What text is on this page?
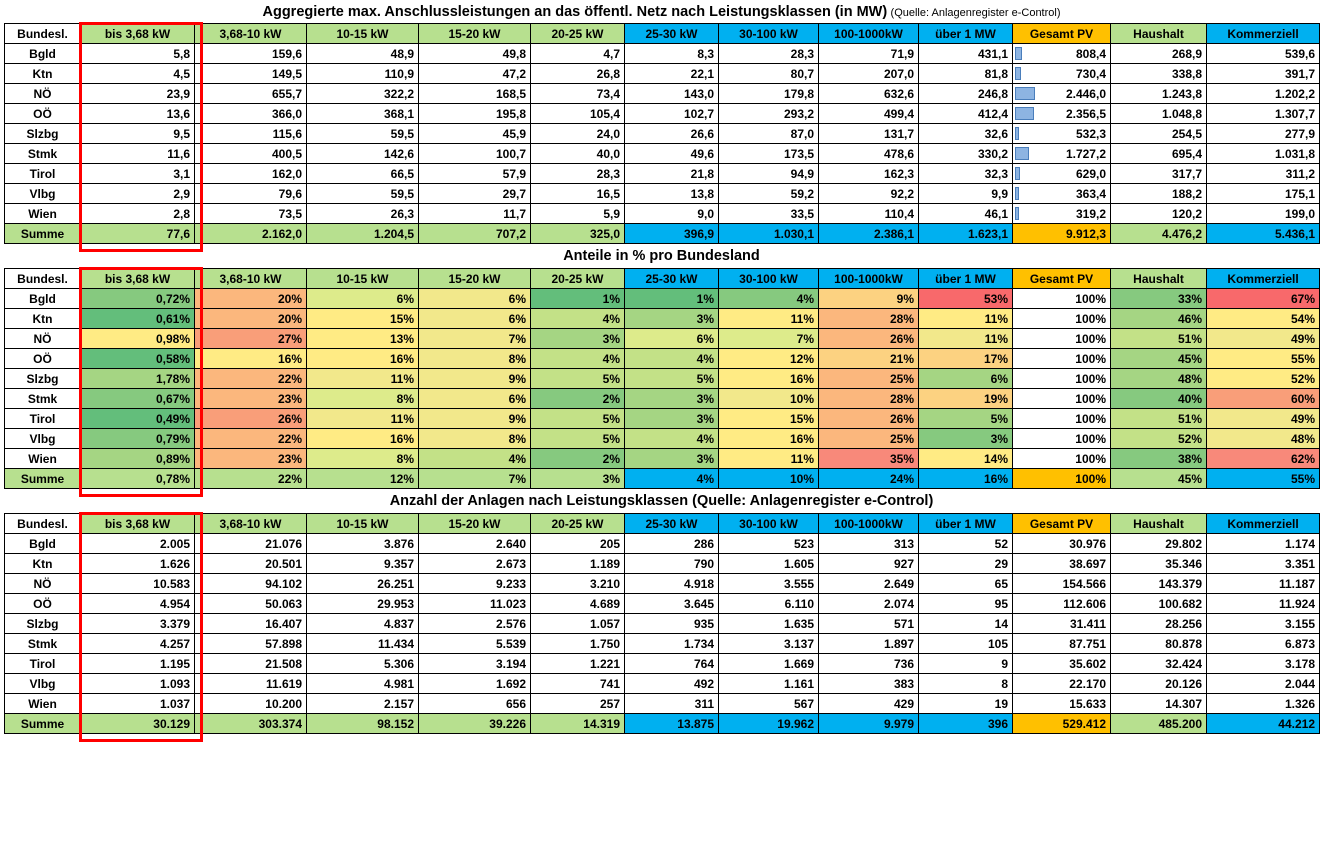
Aggregierte max. Anschlussleistungen an das öffentl. Netz nach Leistungsklassen (in MW) (Quelle: Anlagenregister e-Control)
Bundesl.	bis 3,68 kW	3,68-10 kW	10-15 kW	15-20 kW	20-25 kW	25-30 kW	30-100 kW	100-1000kW	über 1 MW	Gesamt PV	Haushalt	Kommerziell
Bgld	5,8	159,6	48,9	49,8	4,7	8,3	28,3	71,9	431,1	808,4	268,9	539,6
Ktn	4,5	149,5	110,9	47,2	26,8	22,1	80,7	207,0	81,8	730,4	338,8	391,7
NÖ	23,9	655,7	322,2	168,5	73,4	143,0	179,8	632,6	246,8	2.446,0	1.243,8	1.202,2
OÖ	13,6	366,0	368,1	195,8	105,4	102,7	293,2	499,4	412,4	2.356,5	1.048,8	1.307,7
Slzbg	9,5	115,6	59,5	45,9	24,0	26,6	87,0	131,7	32,6	532,3	254,5	277,9
Stmk	11,6	400,5	142,6	100,7	40,0	49,6	173,5	478,6	330,2	1.727,2	695,4	1.031,8
Tirol	3,1	162,0	66,5	57,9	28,3	21,8	94,9	162,3	32,3	629,0	317,7	311,2
Vlbg	2,9	79,6	59,5	29,7	16,5	13,8	59,2	92,2	9,9	363,4	188,2	175,1
Wien	2,8	73,5	26,3	11,7	5,9	9,0	33,5	110,4	46,1	319,2	120,2	199,0
Summe	77,6	2.162,0	1.204,5	707,2	325,0	396,9	1.030,1	2.386,1	1.623,1	9.912,3	4.476,2	5.436,1
Anteile in % pro Bundesland
Bundesl.	bis 3,68 kW	3,68-10 kW	10-15 kW	15-20 kW	20-25 kW	25-30 kW	30-100 kW	100-1000kW	über 1 MW	Gesamt PV	Haushalt	Kommerziell
Bgld	0,72%	20%	6%	6%	1%	1%	4%	9%	53%	100%	33%	67%
Ktn	0,61%	20%	15%	6%	4%	3%	11%	28%	11%	100%	46%	54%
NÖ	0,98%	27%	13%	7%	3%	6%	7%	26%	11%	100%	51%	49%
OÖ	0,58%	16%	16%	8%	4%	4%	12%	21%	17%	100%	45%	55%
Slzbg	1,78%	22%	11%	9%	5%	5%	16%	25%	6%	100%	48%	52%
Stmk	0,67%	23%	8%	6%	2%	3%	10%	28%	19%	100%	40%	60%
Tirol	0,49%	26%	11%	9%	5%	3%	15%	26%	5%	100%	51%	49%
Vlbg	0,79%	22%	16%	8%	5%	4%	16%	25%	3%	100%	52%	48%
Wien	0,89%	23%	8%	4%	2%	3%	11%	35%	14%	100%	38%	62%
Summe	0,78%	22%	12%	7%	3%	4%	10%	24%	16%	100%	45%	55%
Anzahl der Anlagen nach Leistungsklassen (Quelle: Anlagenregister e-Control)
Bundesl.	bis 3,68 kW	3,68-10 kW	10-15 kW	15-20 kW	20-25 kW	25-30 kW	30-100 kW	100-1000kW	über 1 MW	Gesamt PV	Haushalt	Kommerziell
Bgld	2.005	21.076	3.876	2.640	205	286	523	313	52	30.976	29.802	1.174
Ktn	1.626	20.501	9.357	2.673	1.189	790	1.605	927	29	38.697	35.346	3.351
NÖ	10.583	94.102	26.251	9.233	3.210	4.918	3.555	2.649	65	154.566	143.379	11.187
OÖ	4.954	50.063	29.953	11.023	4.689	3.645	6.110	2.074	95	112.606	100.682	11.924
Slzbg	3.379	16.407	4.837	2.576	1.057	935	1.635	571	14	31.411	28.256	3.155
Stmk	4.257	57.898	11.434	5.539	1.750	1.734	3.137	1.897	105	87.751	80.878	6.873
Tirol	1.195	21.508	5.306	3.194	1.221	764	1.669	736	9	35.602	32.424	3.178
Vlbg	1.093	11.619	4.981	1.692	741	492	1.161	383	8	22.170	20.126	2.044
Wien	1.037	10.200	2.157	656	257	311	567	429	19	15.633	14.307	1.326
Summe	30.129	303.374	98.152	39.226	14.319	13.875	19.962	9.979	396	529.412	485.200	44.212
